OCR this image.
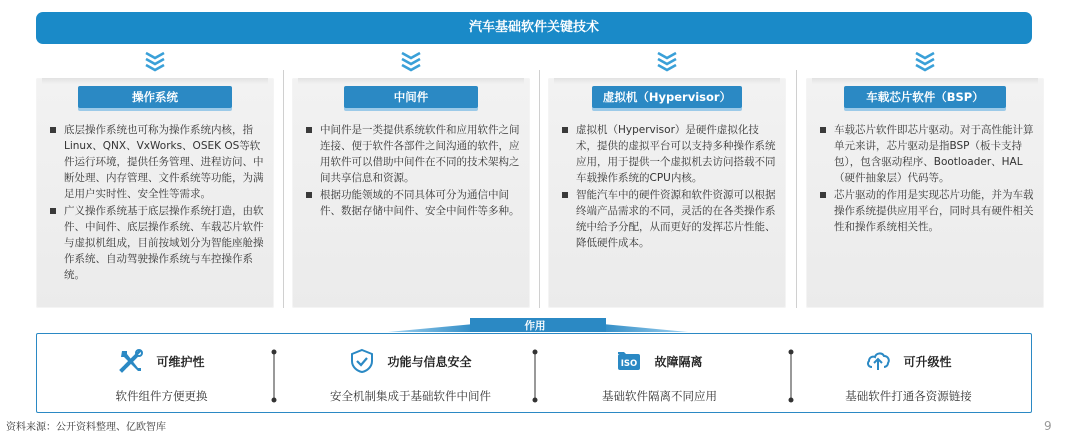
汽车基础软件关键技术
操作系统
底层操作系统也可称为操作系统内核，指Linux、QNX、VxWorks、OSEK OS等软件运行环境，提供任务管理、进程访问、中断处理、内存管理、文件系统等功能，为满足用户实时性、安全性等需求。
广义操作系统基于底层操作系统打造，由软件、中间件、底层操作系统、车载芯片软件与虚拟机组成，目前按域划分为智能座舱操作系统、自动驾驶操作系统与车控操作系统。
中间件
中间件是一类提供系统软件和应用软件之间连接、便于软件各部件之间沟通的软件，应用软件可以借助中间件在不同的技术架构之间共享信息和资源。
根据功能领域的不同具体可分为通信中间件、数据存储中间件、安全中间件等多种。
虚拟机（Hypervisor）
虚拟机（Hypervisor）是硬件虚拟化技术，提供的虚拟平台可以支持多种操作系统应用，用于提供一个虚拟机去访问搭载不同车载操作系统的CPU内核。
智能汽车中的硬件资源和软件资源可以根据终端产品需求的不同，灵活的在各类操作系统中给予分配，从而更好的发挥芯片性能、降低硬件成本。
车载芯片软件（BSP）
车载芯片软件即芯片驱动。对于高性能计算单元来讲，芯片驱动是指BSP（板卡支持包），包含驱动程序、Bootloader、HAL（硬件抽象层）代码等。
芯片驱动的作用是实现芯片功能，并为车载操作系统提供应用平台，同时具有硬件相关性和操作系统相关性。
作用
可维护性
软件组件方便更换
功能与信息安全
安全机制集成于基础软件中间件
ISO 故障隔离
基础软件隔离不同应用
可升级性
基础软件打通各资源链接
资料来源：公开资料整理、亿欧智库	9
